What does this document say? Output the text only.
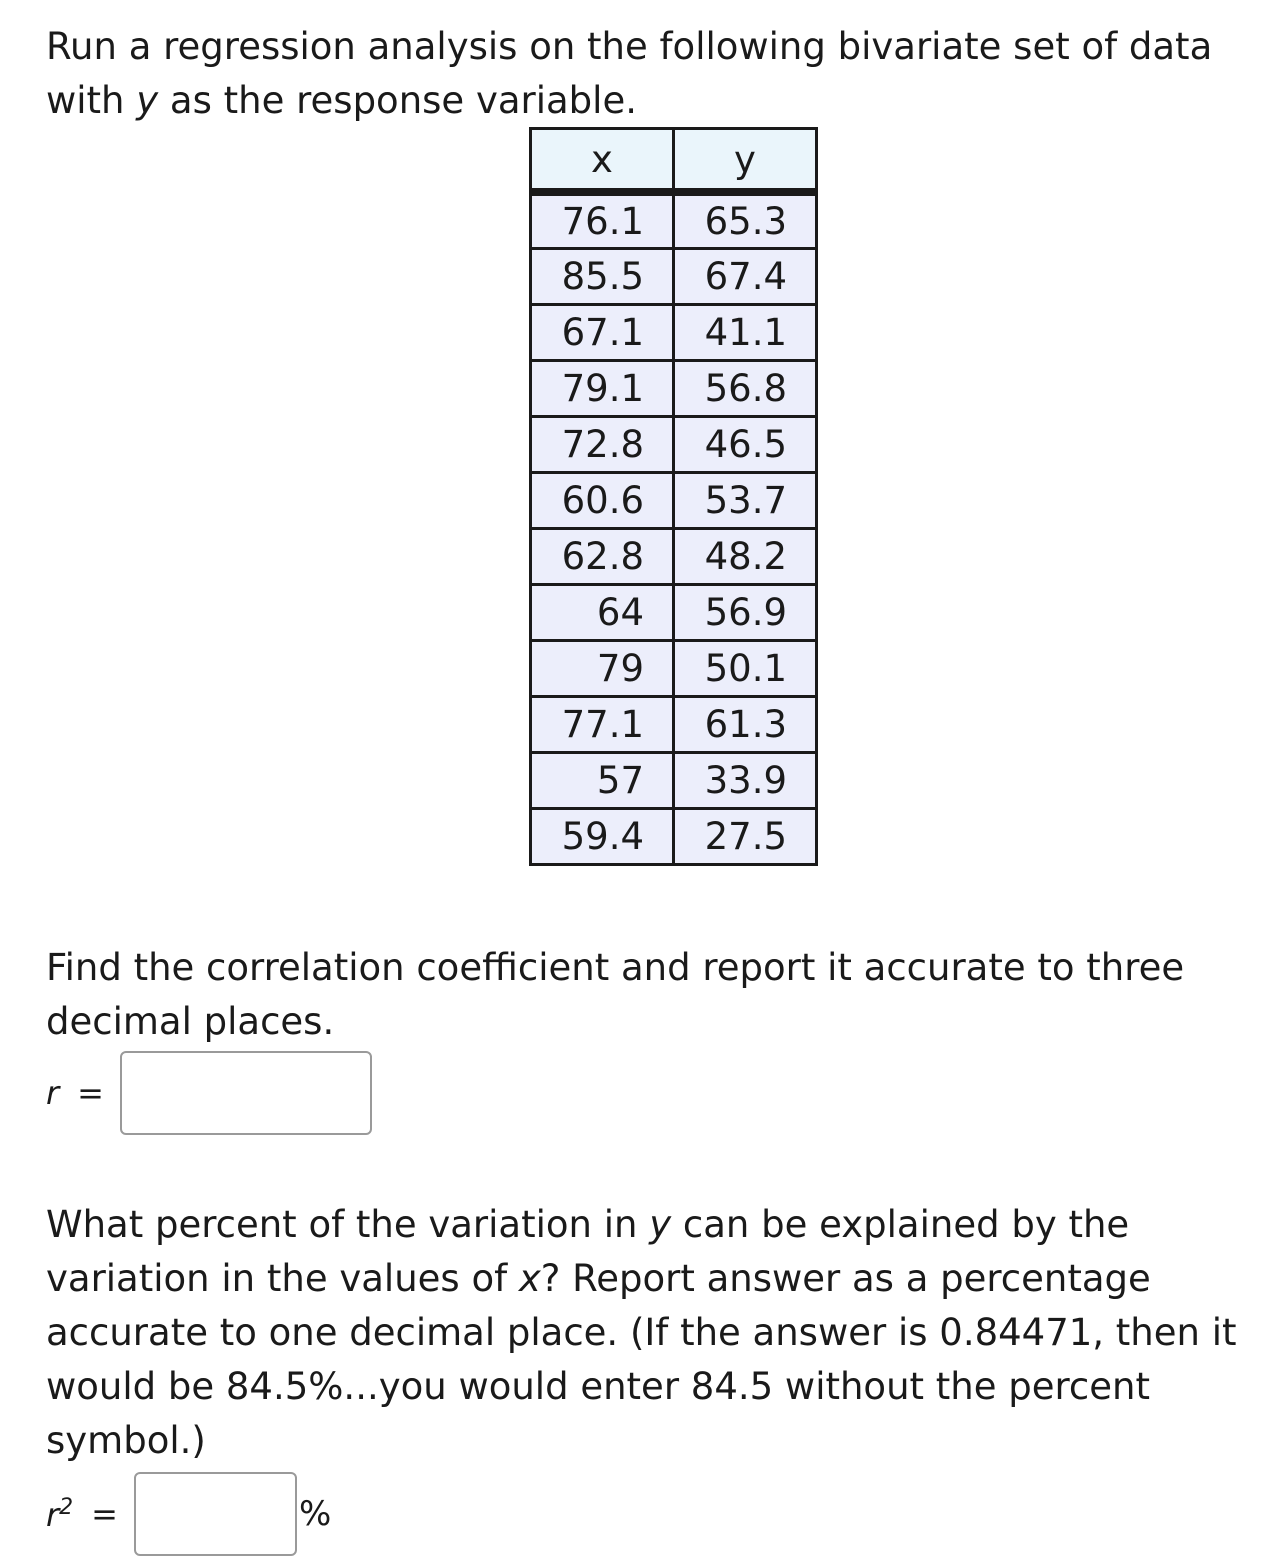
Run a regression analysis on the following bivariate set of data with y as the response variable.

x	y
76.1	65.3
85.5	67.4
67.1	41.1
79.1	56.8
72.8	46.5
60.6	53.7
62.8	48.2
64	56.9
79	50.1
77.1	61.3
57	33.9
59.4	27.5

Find the correlation coefficient and report it accurate to three decimal places.

r =

What percent of the variation in y can be explained by the variation in the values of x? Report answer as a percentage accurate to one decimal place. (If the answer is 0.84471, then it would be 84.5%...you would enter 84.5 without the percent symbol.)

$r^2$ =	%
